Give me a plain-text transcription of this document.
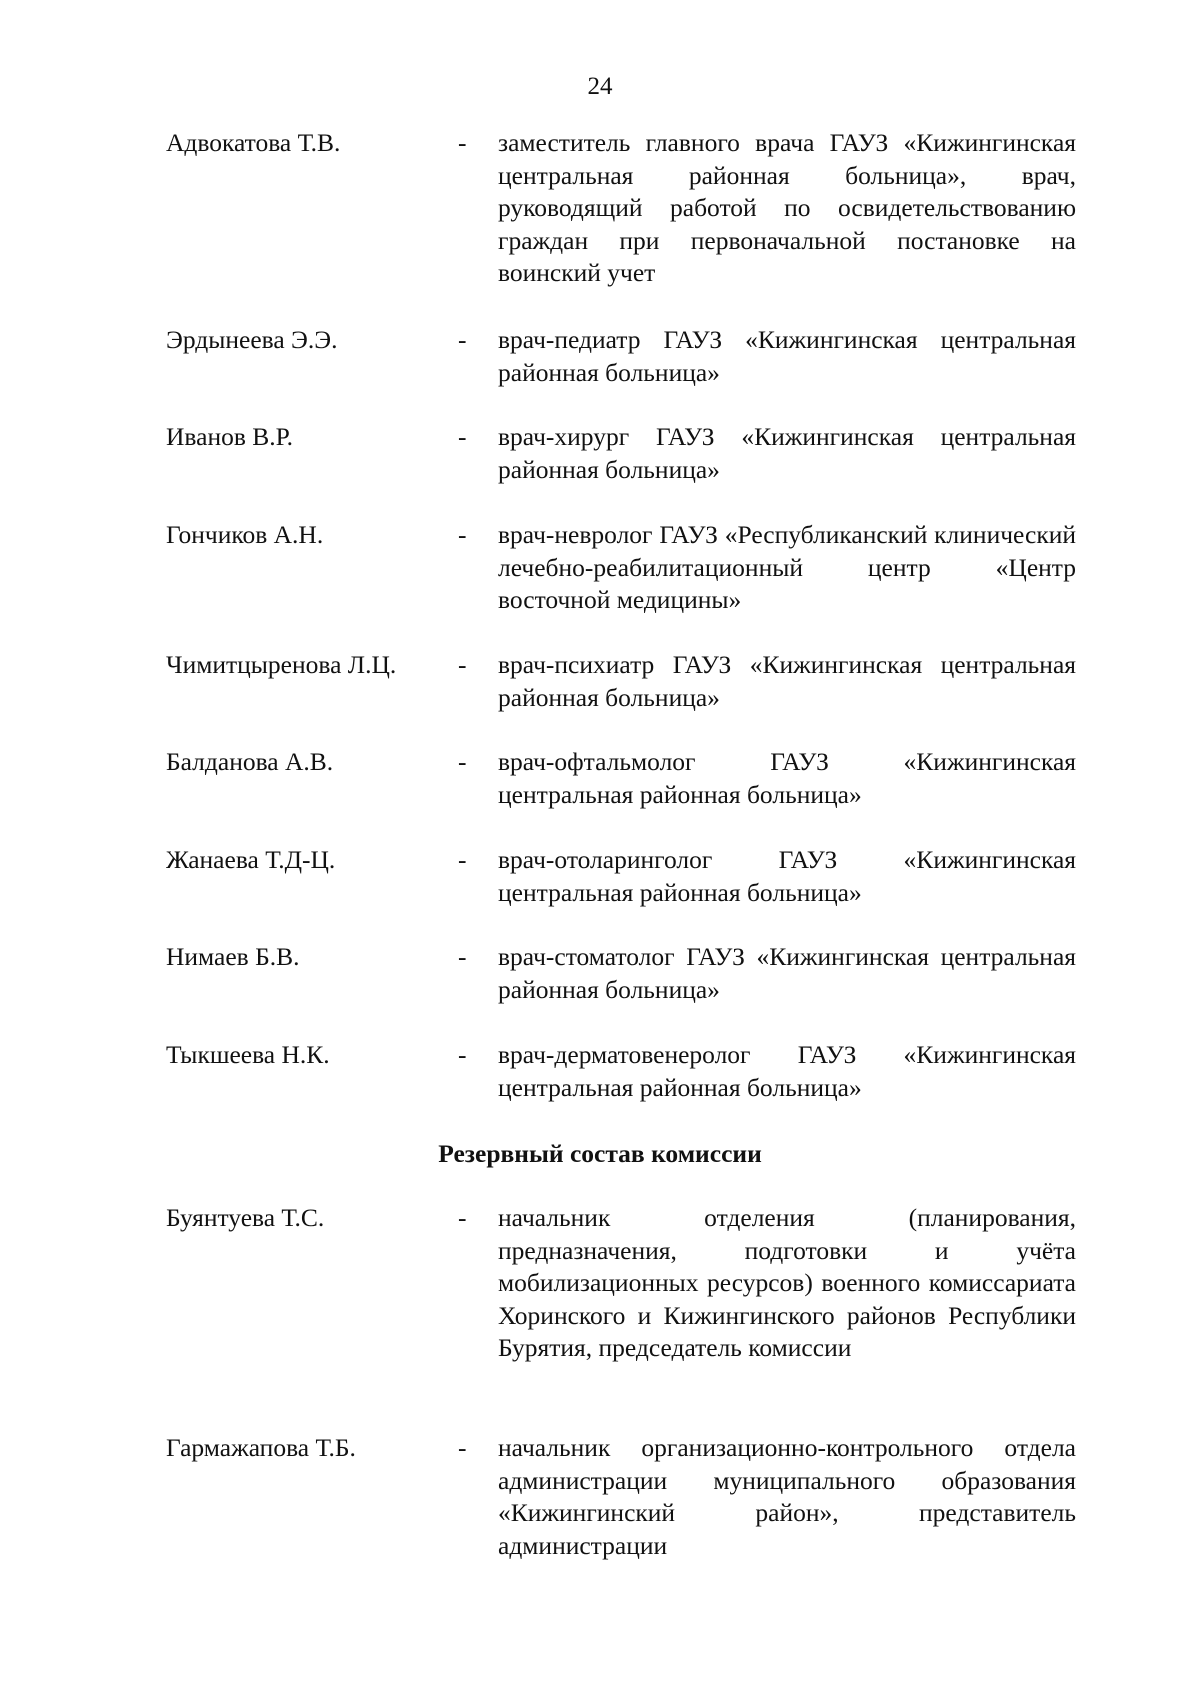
24
Адвокатова Т.В.	- заместитель главного врача ГАУЗ «Кижингинская центральная районная больница», врач, руководящий работой по освидетельствованию граждан при первоначальной постановке на воинский учет
Эрдынеева Э.Э.	- врач-педиатр ГАУЗ «Кижингинская центральная районная больница»
Иванов В.Р.	- врач-хирург ГАУЗ «Кижингинская центральная районная больница»
Гончиков А.Н.	- врач-невролог ГАУЗ «Республиканский клинический лечебно-реабилитационный центр «Центр восточной медицины»
Чимитцыренова Л.Ц. - врач-психиатр ГАУЗ «Кижингинская центральная районная больница»
Балданова А.В.	- врач-офтальмолог ГАУЗ «Кижингинская центральная районная больница»
Жанаева Т.Д-Ц.	- врач-отоларинголог ГАУЗ «Кижингинская центральная районная больница»
Нимаев Б.В.	- врач-стоматолог ГАУЗ «Кижингинская центральная районная больница»
Тыкшеева Н.К.	- врач-дерматовенеролог ГАУЗ «Кижингинская центральная районная больница»
Резервный состав комиссии
Буянтуева Т.С.	- начальник отделения (планирования, предназначения, подготовки и учёта мобилизационных ресурсов) военного комиссариата Хоринского и Кижингинского районов Республики Бурятия, председатель комиссии
Гармажапова Т.Б.	- начальник организационно-контрольного отдела администрации муниципального образования «Кижингинский район», представитель администрации
